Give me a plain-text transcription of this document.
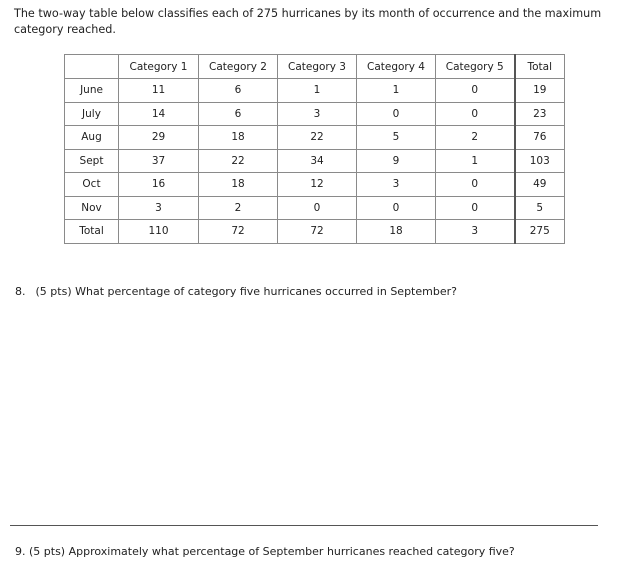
The two-way table below classifies each of 275 hurricanes by its month of occurrence and the maximum category reached.

	Category 1	Category 2	Category 3	Category 4	Category 5	Total
June	11	6	1	1	0	19
July	14	6	3	0	0	23
Aug	29	18	22	5	2	76
Sept	37	22	34	9	1	103
Oct	16	18	12	3	0	49
Nov	3	2	0	0	0	5
Total	110	72	72	18	3	275

8. (5 pts) What percentage of category five hurricanes occurred in September?

9. (5 pts) Approximately what percentage of September hurricanes reached category five?
